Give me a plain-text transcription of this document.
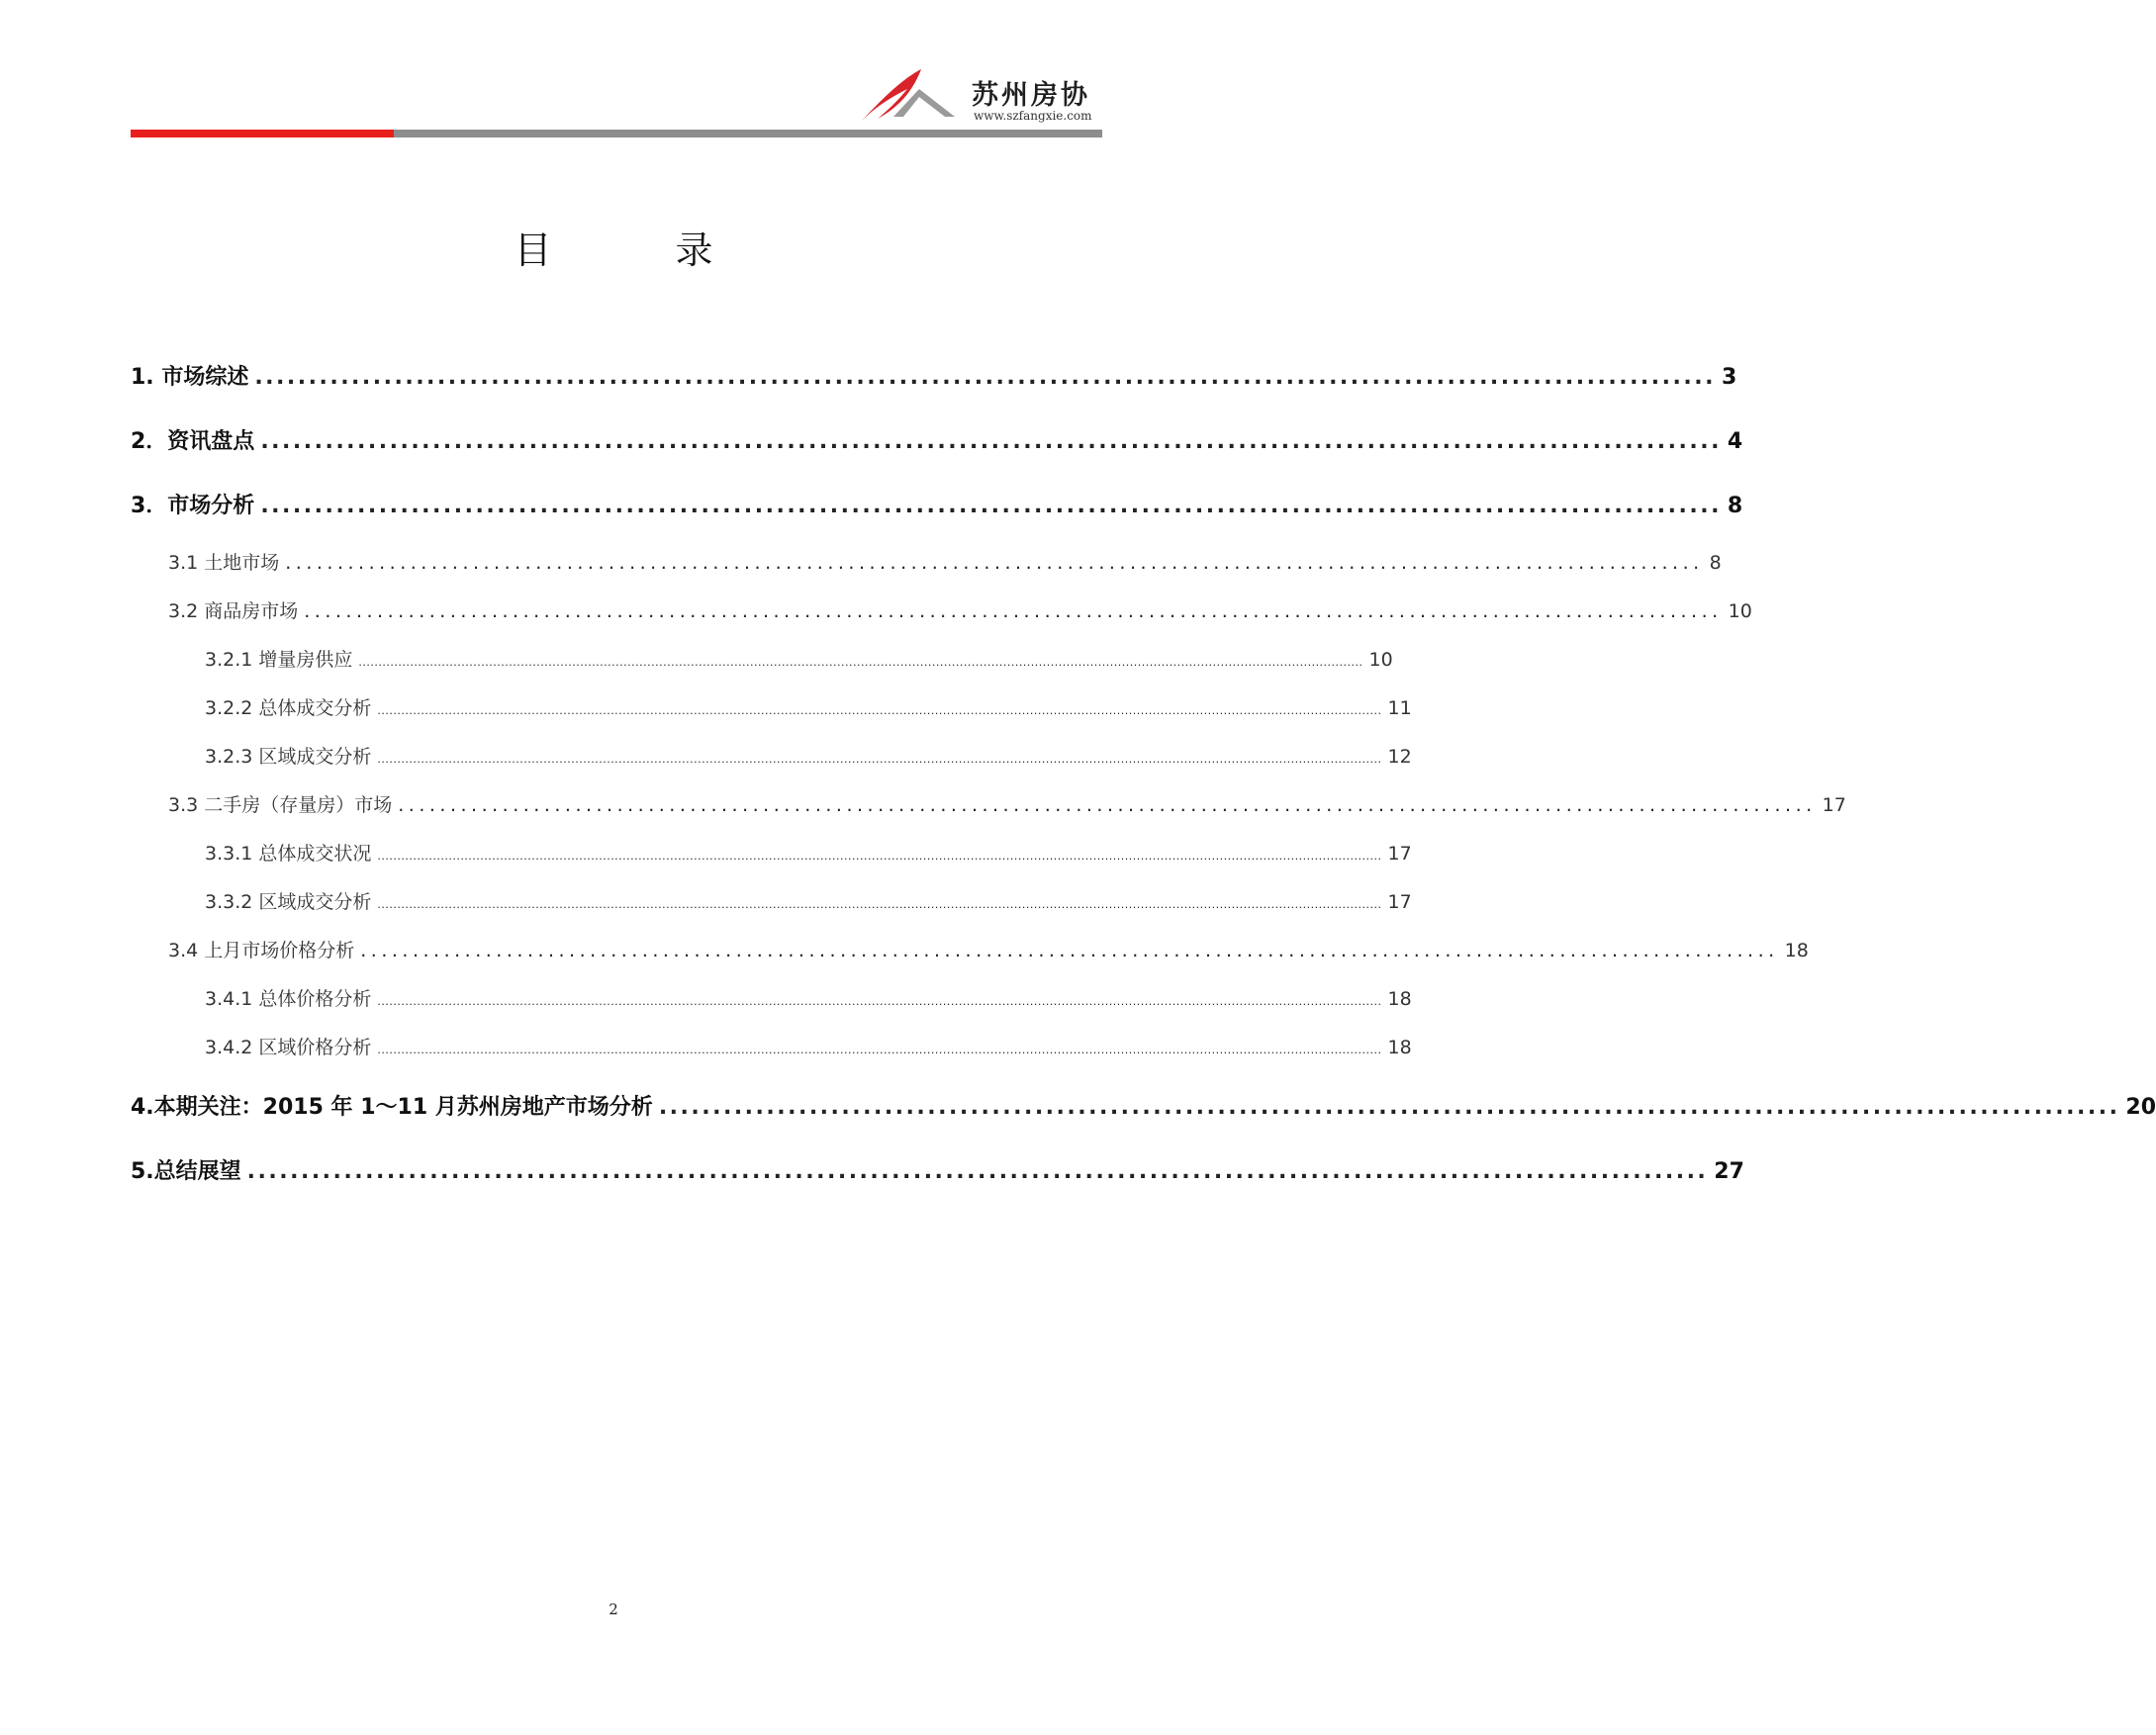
苏州房协
www.szfangxie.com
目录
1. 市场综述 ........................................................................................................................................ 3
2．资讯盘点 ........................................................................................................................................ 4
3．市场分析 ........................................................................................................................................ 8
3.1 土地市场 ........................................................................................................................................ 8
3.2 商品房市场 ........................................................................................................................................ 10
3.2.1 增量房供应 .............................................................................................................................................................................................................................................................. 10
3.2.2 总体成交分析 .............................................................................................................................................................................................................................................................. 11
3.2.3 区域成交分析 .............................................................................................................................................................................................................................................................. 12
3.3 二手房（存量房）市场 ........................................................................................................................................ 17
3.3.1 总体成交状况 .............................................................................................................................................................................................................................................................. 17
3.3.2 区域成交分析 .............................................................................................................................................................................................................................................................. 17
3.4 上月市场价格分析 ........................................................................................................................................ 18
3.4.1 总体价格分析 .............................................................................................................................................................................................................................................................. 18
3.4.2 区域价格分析 .............................................................................................................................................................................................................................................................. 18
4.本期关注：2015 年 1～11 月苏州房地产市场分析 ........................................................................................................................................ 20
5.总结展望 ........................................................................................................................................ 27
2
